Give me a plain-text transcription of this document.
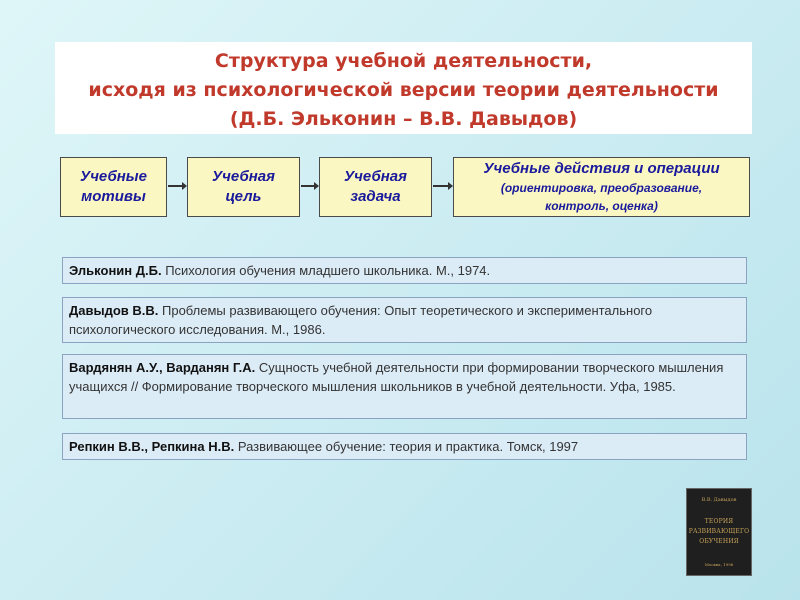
Структура учебной деятельности,
исходя из психологической версии теории деятельности
(Д.Б. Эльконин – В.В. Давыдов)
Учебные мотивы
Учебная цель
Учебная задача
Учебные действия и операции
(ориентировка, преобразование, контроль, оценка)
Эльконин Д.Б. Психология обучения младшего школьника. М., 1974.
Давыдов В.В. Проблемы развивающего обучения: Опыт теоретического и экспериментального психологического исследования. М., 1986.
Вардянян А.У., Варданян Г.А. Сущность учебной деятельности при формировании творческого мышления учащихся // Формирование творческого мышления школьников в учебной деятельности. Уфа, 1985.
Репкин В.В., Репкина Н.В. Развивающее обучение: теория и практика. Томск, 1997
В.В. Давыдов
ТЕОРИЯ РАЗВИВАЮЩЕГО ОБУЧЕНИЯ
Москва, 1996
